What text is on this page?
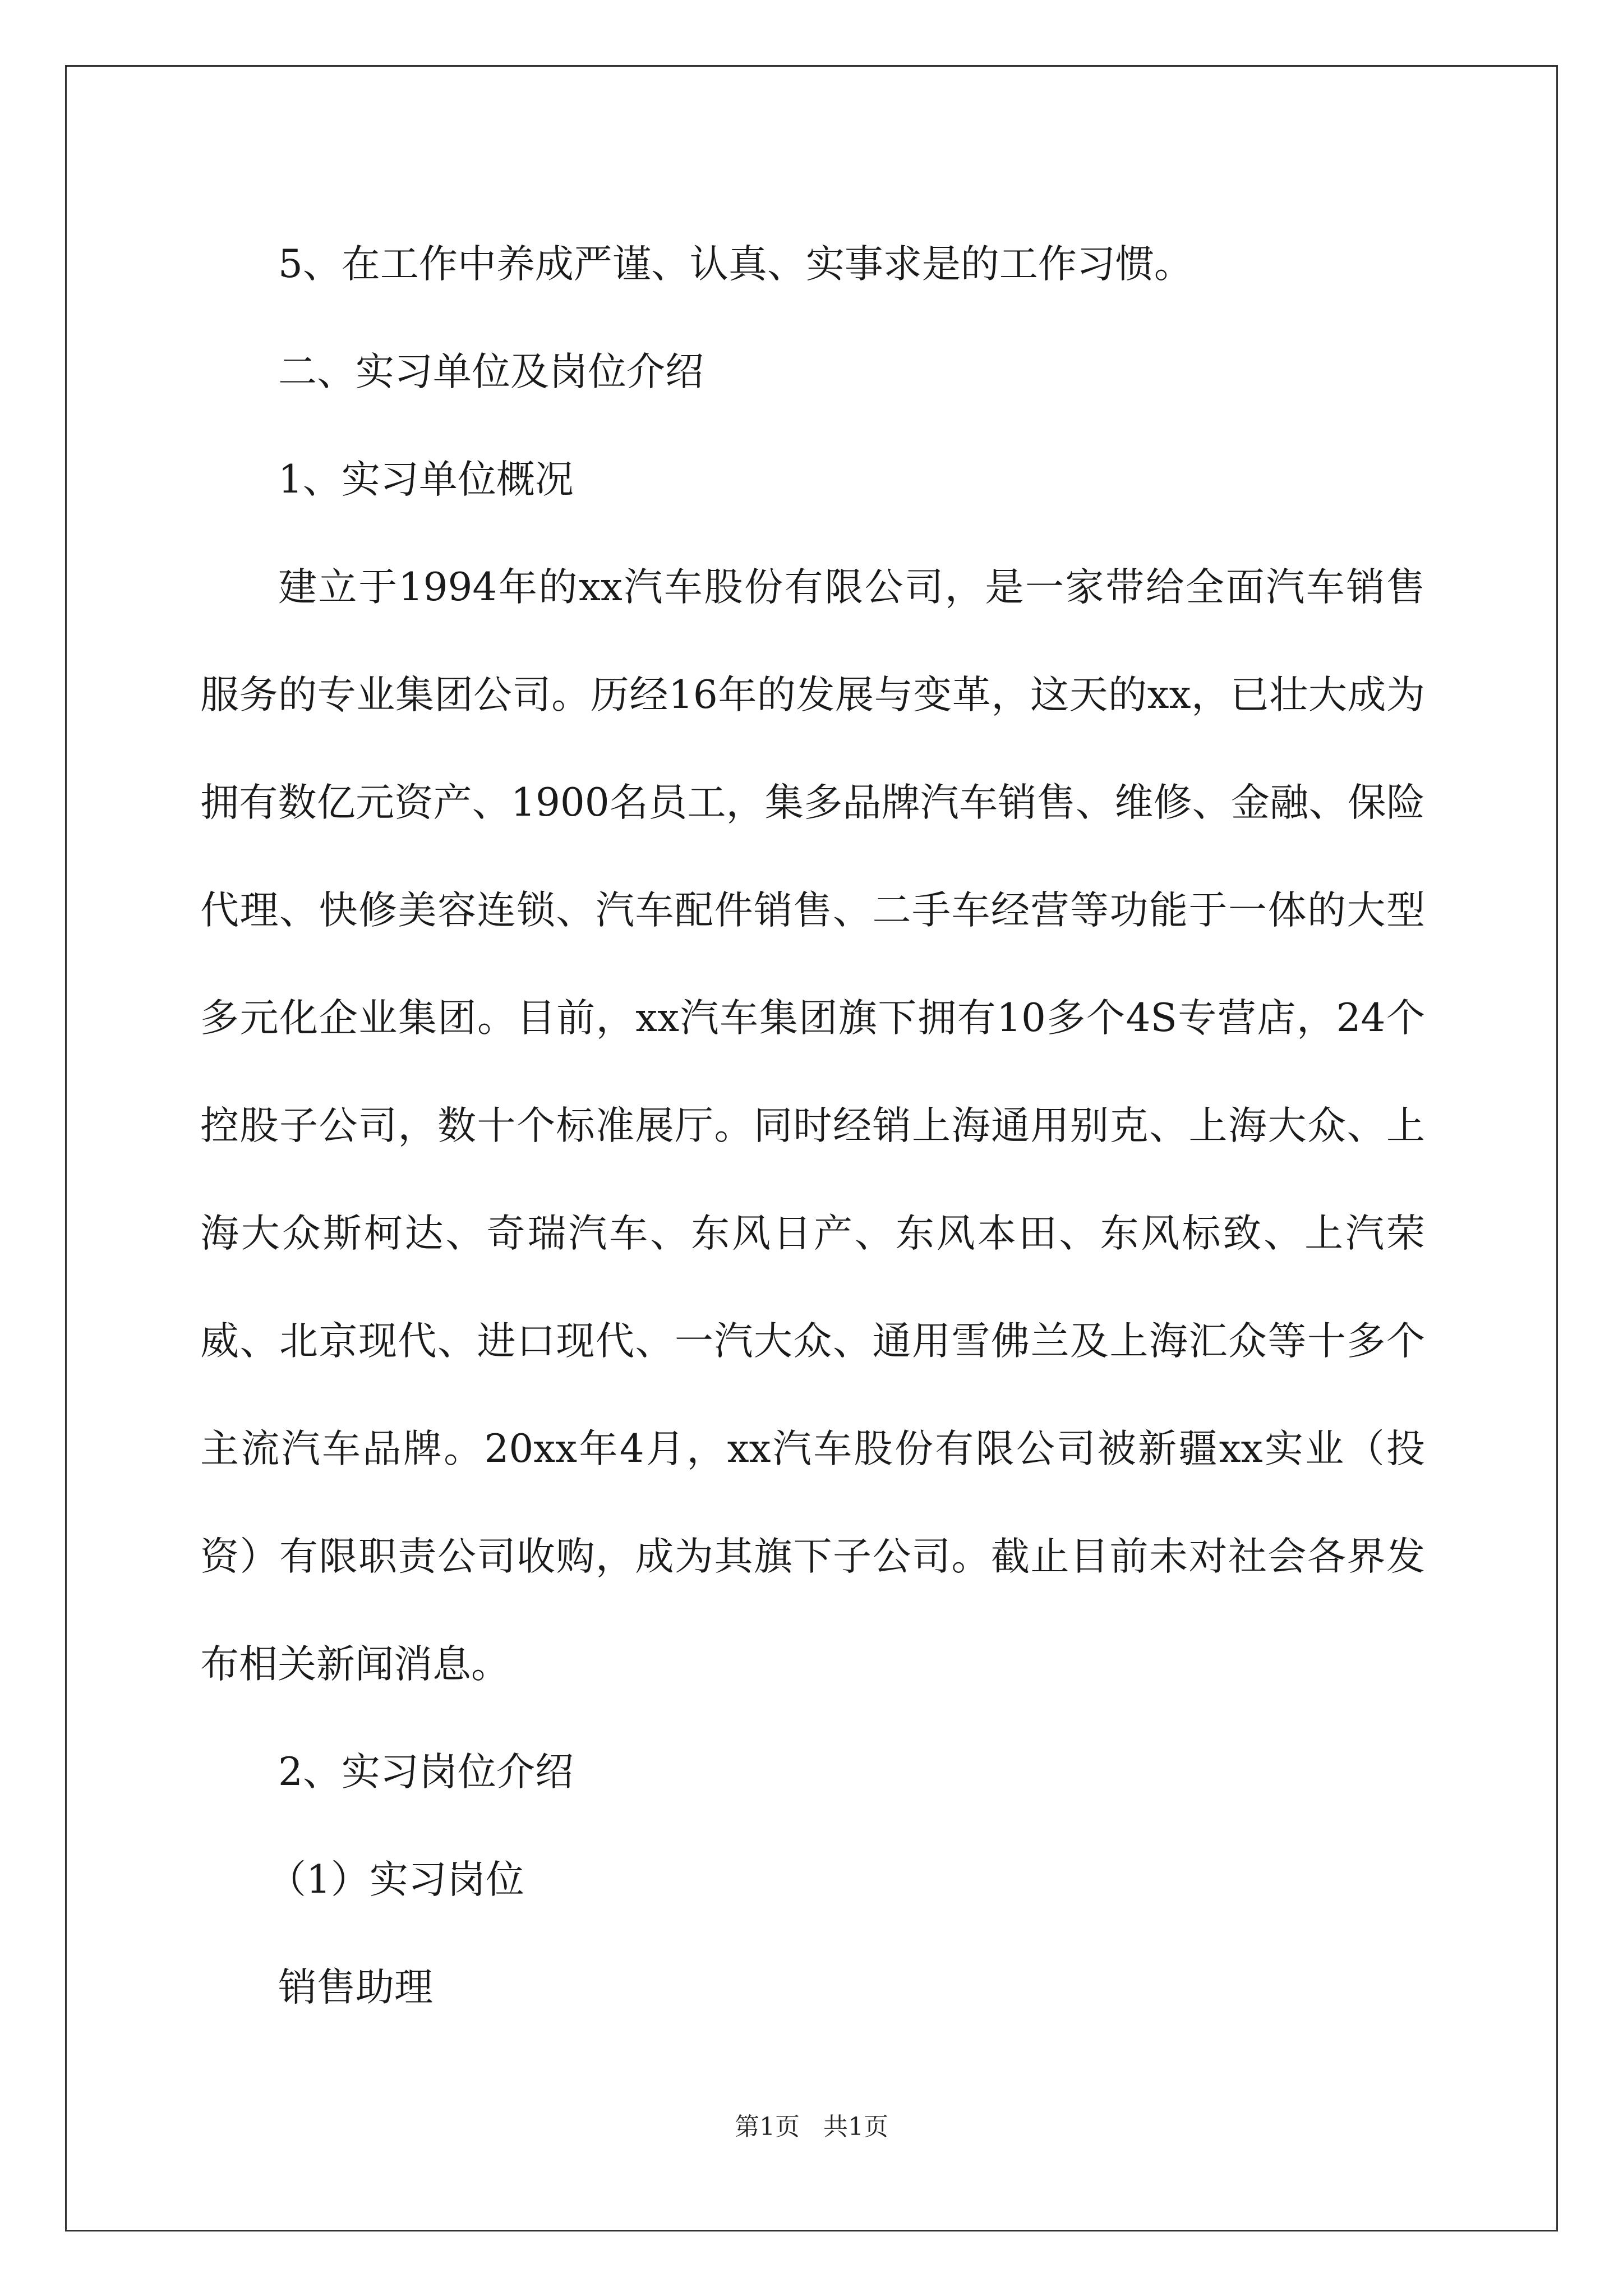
5、在工作中养成严谨、认真、实事求是的工作习惯。

二、实习单位及岗位介绍

1、实习单位概况

建立于1994年的xx汽车股份有限公司，是一家带给全面汽车销售服务的专业集团公司。历经16年的发展与变革，这天的xx，已壮大成为拥有数亿元资产、1900名员工，集多品牌汽车销售、维修、金融、保险代理、快修美容连锁、汽车配件销售、二手车经营等功能于一体的大型多元化企业集团。目前，xx汽车集团旗下拥有10多个4S专营店，24个控股子公司，数十个标准展厅。同时经销上海通用别克、上海大众、上海大众斯柯达、奇瑞汽车、东风日产、东风本田、东风标致、上汽荣威、北京现代、进口现代、一汽大众、通用雪佛兰及上海汇众等十多个主流汽车品牌。20xx年4月，xx汽车股份有限公司被新疆xx实业（投资）有限职责公司收购，成为其旗下子公司。截止目前未对社会各界发布相关新闻消息。

2、实习岗位介绍

（1）实习岗位

销售助理

第1页 共1页
